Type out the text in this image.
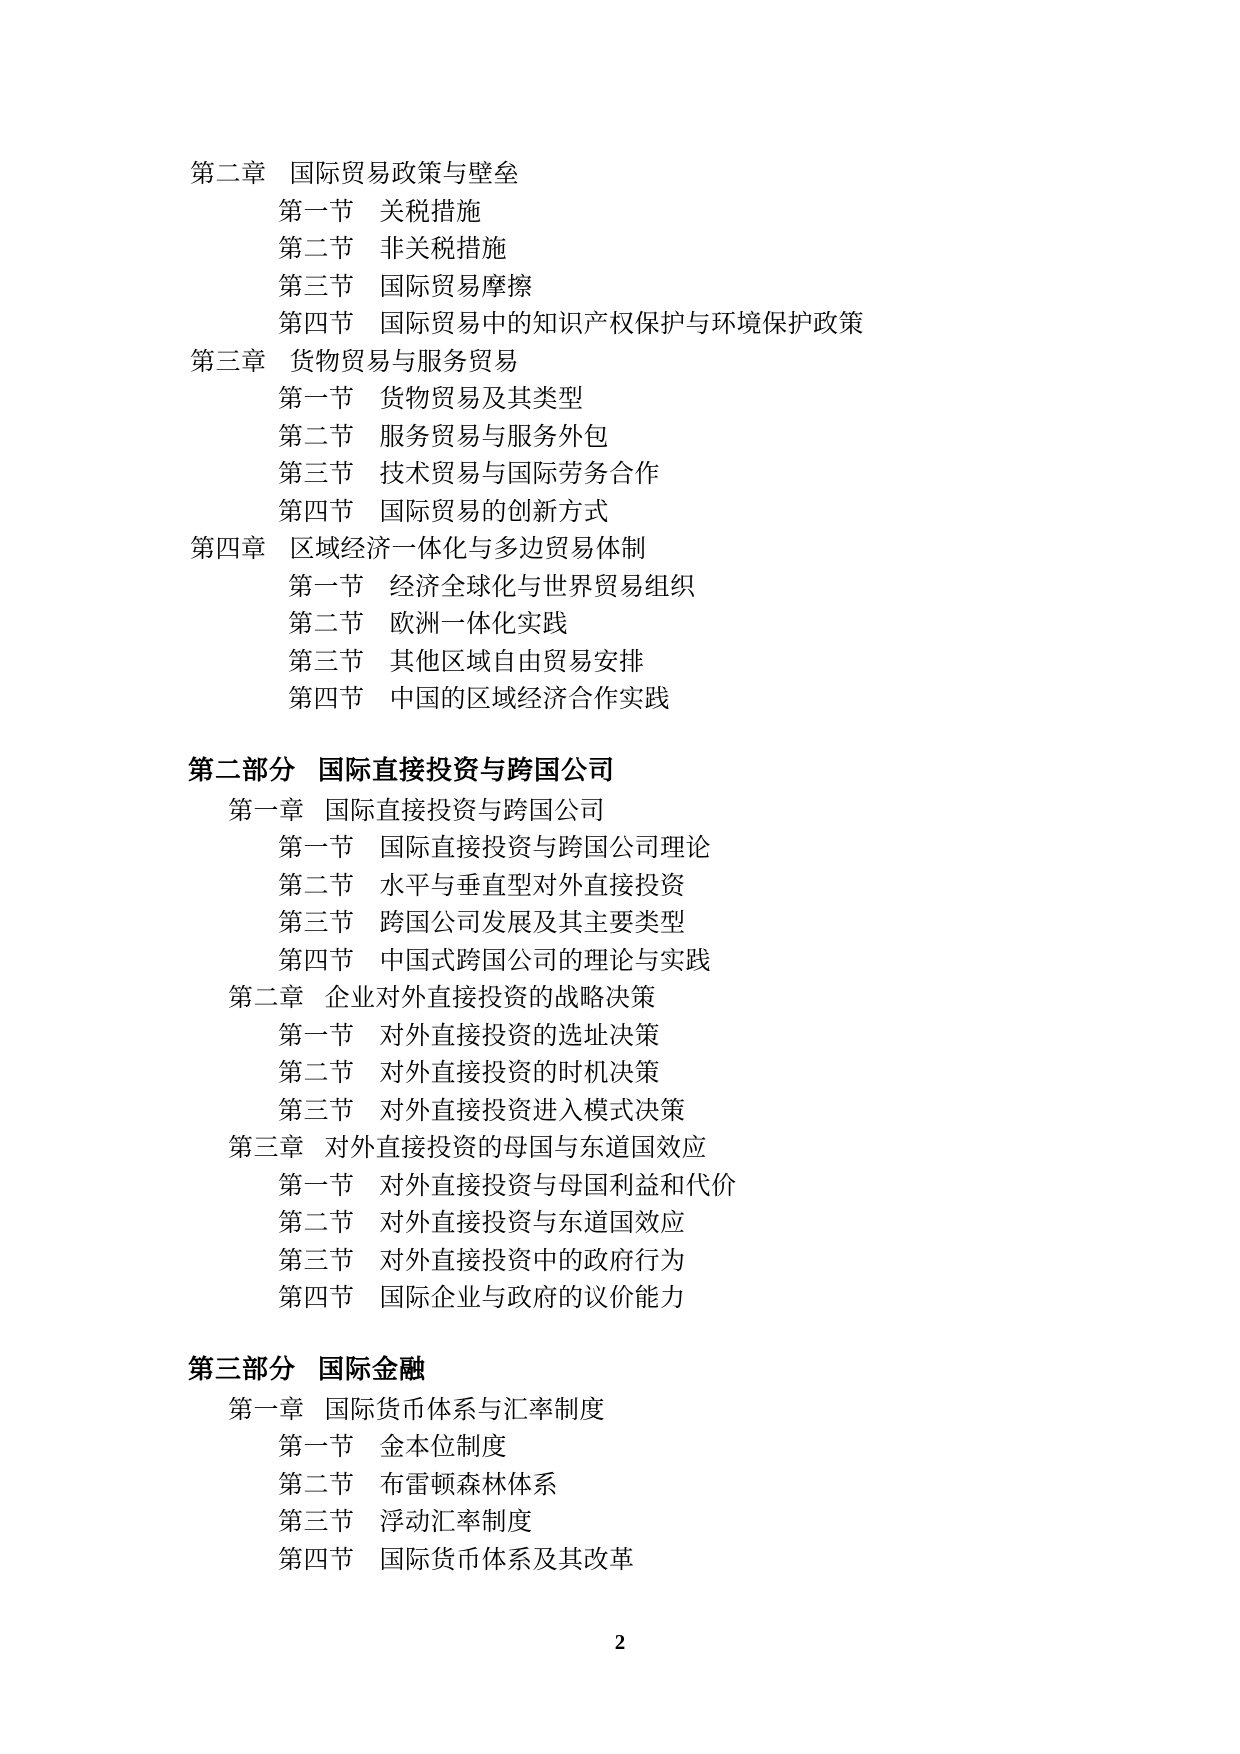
第二章 国际贸易政策与壁垒
第一节 关税措施
第二节 非关税措施
第三节 国际贸易摩擦
第四节 国际贸易中的知识产权保护与环境保护政策
第三章 货物贸易与服务贸易
第一节 货物贸易及其类型
第二节 服务贸易与服务外包
第三节 技术贸易与国际劳务合作
第四节 国际贸易的创新方式
第四章 区域经济一体化与多边贸易体制
第一节 经济全球化与世界贸易组织
第二节 欧洲一体化实践
第三节 其他区域自由贸易安排
第四节 中国的区域经济合作实践
第二部分 国际直接投资与跨国公司
第一章 国际直接投资与跨国公司
第一节 国际直接投资与跨国公司理论
第二节 水平与垂直型对外直接投资
第三节 跨国公司发展及其主要类型
第四节 中国式跨国公司的理论与实践
第二章 企业对外直接投资的战略决策
第一节 对外直接投资的选址决策
第二节 对外直接投资的时机决策
第三节 对外直接投资进入模式决策
第三章 对外直接投资的母国与东道国效应
第一节 对外直接投资与母国利益和代价
第二节 对外直接投资与东道国效应
第三节 对外直接投资中的政府行为
第四节 国际企业与政府的议价能力
第三部分 国际金融
第一章 国际货币体系与汇率制度
第一节 金本位制度
第二节 布雷顿森林体系
第三节 浮动汇率制度
第四节 国际货币体系及其改革
2
